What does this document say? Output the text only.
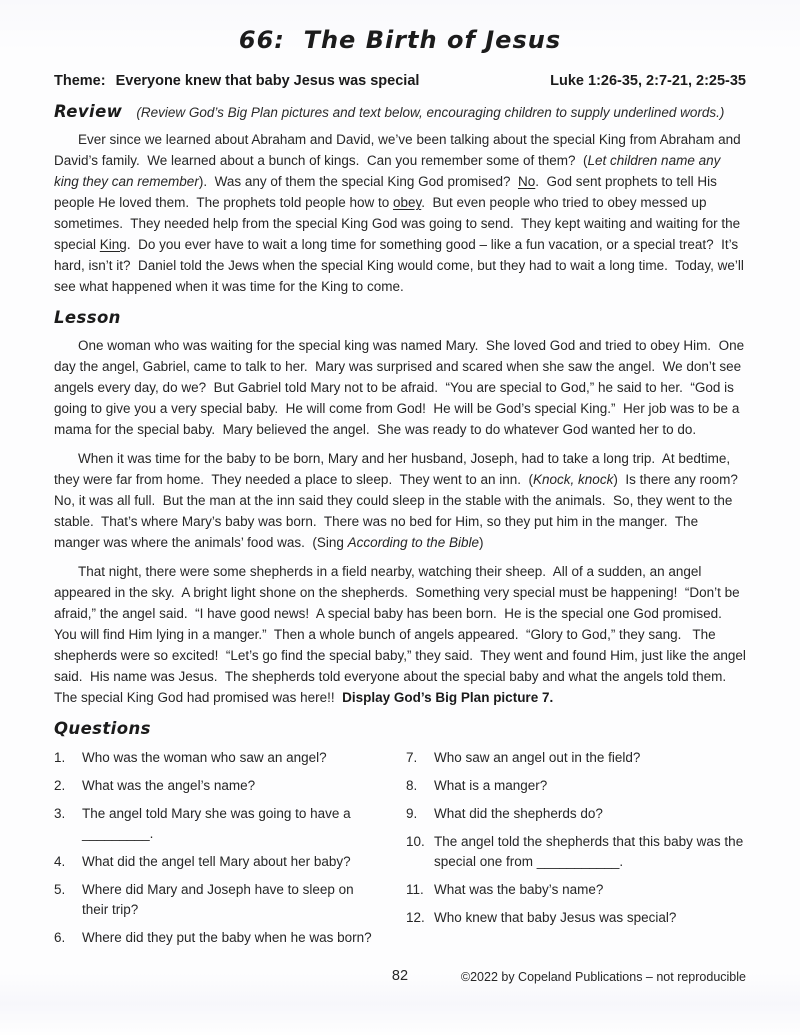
66:  The Birth of Jesus
Theme: Everyone knew that baby Jesus was special	Luke 1:26-35, 2:7-21, 2:25-35
Review (Review God’s Big Plan pictures and text below, encouraging children to supply underlined words.)

Ever since we learned about Abraham and David, we’ve been talking about the special King from Abraham and David’s family.  We learned about a bunch of kings.  Can you remember some of them?  (Let children name any king they can remember).  Was any of them the special King God promised?  No.  God sent prophets to tell His people He loved them.  The prophets told people how to obey.  But even people who tried to obey messed up sometimes.  They needed help from the special King God was going to send.  They kept waiting and waiting for the special King.  Do you ever have to wait a long time for something good – like a fun vacation, or a special treat?  It’s hard, isn’t it?  Daniel told the Jews when the special King would come, but they had to wait a long time.  Today, we’ll see what happened when it was time for the King to come.

Lesson

One woman who was waiting for the special king was named Mary.  She loved God and tried to obey Him.  One day the angel, Gabriel, came to talk to her.  Mary was surprised and scared when she saw the angel.  We don’t see angels every day, do we?  But Gabriel told Mary not to be afraid.  “You are special to God,” he said to her.  “God is going to give you a very special baby.  He will come from God!  He will be God’s special King.”  Her job was to be a mama for the special baby.  Mary believed the angel.  She was ready to do whatever God wanted her to do.

When it was time for the baby to be born, Mary and her husband, Joseph, had to take a long trip.  At bedtime, they were far from home.  They needed a place to sleep.  They went to an inn.  (Knock, knock)  Is there any room?  No, it was all full.  But the man at the inn said they could sleep in the stable with the animals.  So, they went to the stable.  That’s where Mary’s baby was born.  There was no bed for Him, so they put him in the manger.  The manger was where the animals’ food was.  (Sing According to the Bible)

That night, there were some shepherds in a field nearby, watching their sheep.  All of a sudden, an angel appeared in the sky.  A bright light shone on the shepherds.  Something very special must be happening!  “Don’t be afraid,” the angel said.  “I have good news!  A special baby has been born.  He is the special one God promised.  You will find Him lying in a manger.”  Then a whole bunch of angels appeared.  “Glory to God,” they sang.   The shepherds were so excited!  “Let’s go find the special baby,” they said.  They went and found Him, just like the angel said.  His name was Jesus.  The shepherds told everyone about the special baby and what the angels told them.  The special King God had promised was here!!  Display God’s Big Plan picture 7.

Questions
1.	Who was the woman who saw an angel?
2.	What was the angel’s name?
3.	The angel told Mary she was going to have a _________.
4.	What did the angel tell Mary about her baby?
5.	Where did Mary and Joseph have to sleep on their trip?
6.	Where did they put the baby when he was born?
7.	Who saw an angel out in the field?
8.	What is a manger?
9.	What did the shepherds do?
10. The angel told the shepherds that this baby was the special one from ___________.
11. What was the baby’s name?
12. Who knew that baby Jesus was special?
82	©2022 by Copeland Publications – not reproducible
